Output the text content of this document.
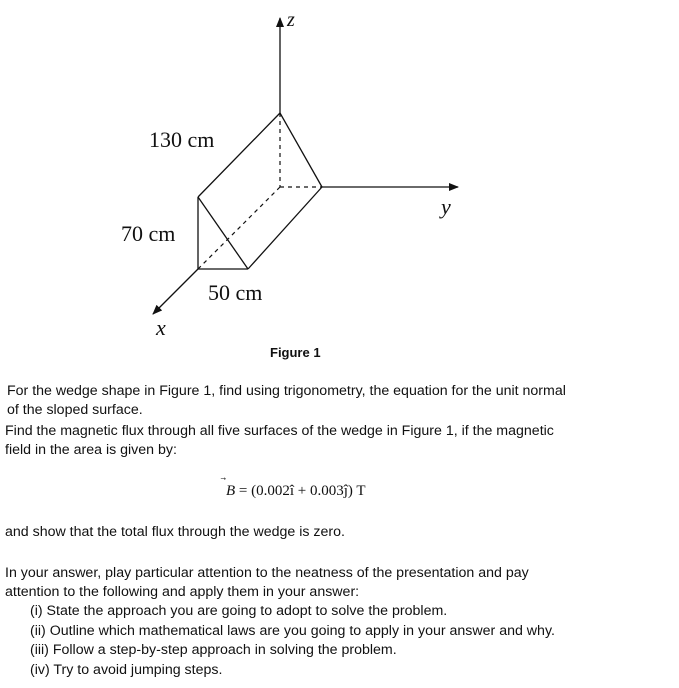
z
y
x
130 cm
70 cm
50 cm
Figure 1

For the wedge shape in Figure 1, find using trigonometry, the equation for the unit normal
of the sloped surface.

Find the magnetic flux through all five surfaces of the wedge in Figure 1, if the magnetic
field in the area is given by:

B = (0.002î + 0.003ĵ) T

and show that the total flux through the wedge is zero.

In your answer, play particular attention to the neatness of the presentation and pay
attention to the following and apply them in your answer:

(i) State the approach you are going to adopt to solve the problem.
(ii) Outline which mathematical laws are you going to apply in your answer and why.
(iii) Follow a step-by-step approach in solving the problem.
(iv) Try to avoid jumping steps.
